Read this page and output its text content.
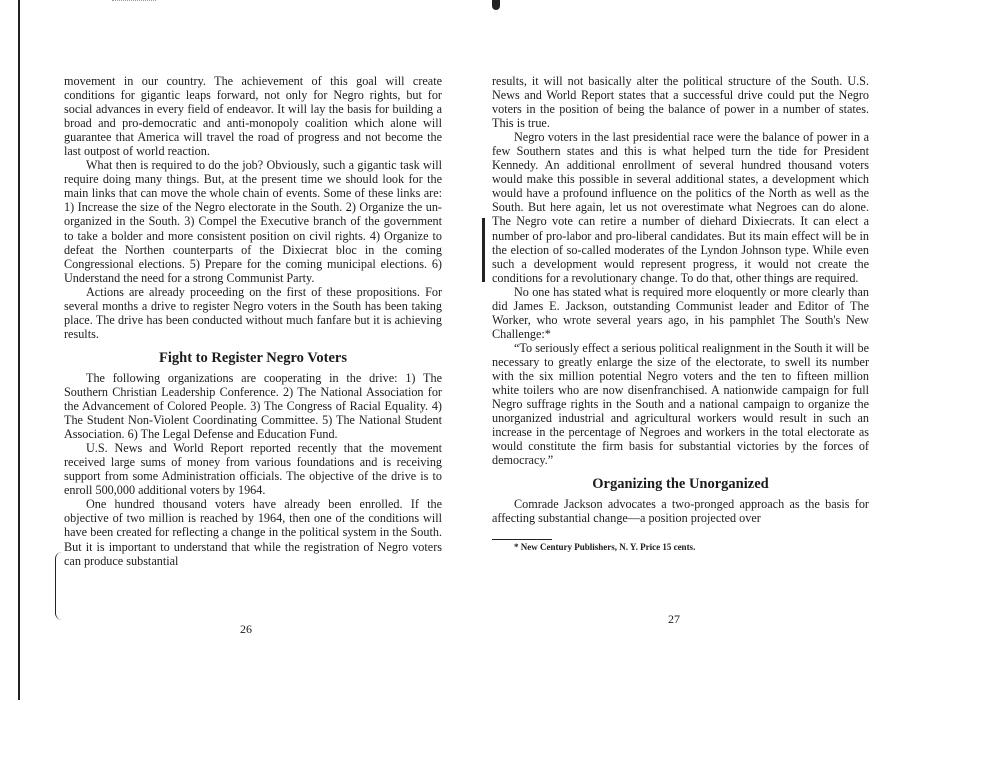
movement in our country. The achievement of this goal will create conditions for gigantic leaps forward, not only for Negro rights, but for social advances in every field of endeavor. It will lay the basis for building a broad and pro-democratic and anti-monopoly coalition which alone will guarantee that America will travel the road of progress and not become the last outpost of world reaction.

What then is required to do the job? Obviously, such a gigantic task will require doing many things. But, at the present time we should look for the main links that can move the whole chain of events. Some of these links are: 1) Increase the size of the Negro electorate in the South. 2) Organize the un-organized in the South. 3) Compel the Executive branch of the government to take a bolder and more consistent position on civil rights. 4) Organize to defeat the Northen counterparts of the Dixiecrat bloc in the coming Congressional elections. 5) Prepare for the coming municipal elections. 6) Understand the need for a strong Communist Party.

Actions are already proceeding on the first of these propositions. For several months a drive to register Negro voters in the South has been taking place. The drive has been conducted without much fanfare but it is achieving results.

Fight to Register Negro Voters

The following organizations are cooperating in the drive: 1) The Southern Christian Leadership Conference. 2) The National Association for the Advancement of Colored People. 3) The Congress of Racial Equality. 4) The Student Non-Violent Coordinating Committee. 5) The National Student Association. 6) The Legal Defense and Education Fund.

U.S. News and World Report reported recently that the movement received large sums of money from various foundations and is receiving support from some Administration officials. The objective of the drive is to enroll 500,000 additional voters by 1964.

One hundred thousand voters have already been enrolled. If the objective of two million is reached by 1964, then one of the conditions will have been created for reflecting a change in the political system in the South. But it is important to understand that while the registration of Negro voters can produce substantial

26

results, it will not basically alter the political structure of the South. U.S. News and World Report states that a successful drive could put the Negro voters in the position of being the balance of power in a number of states. This is true.

Negro voters in the last presidential race were the balance of power in a few Southern states and this is what helped turn the tide for President Kennedy. An additional enrollment of several hundred thousand voters would make this possible in several additional states, a development which would have a profound influence on the politics of the North as well as the South. But here again, let us not overestimate what Negroes can do alone. The Negro vote can retire a number of diehard Dixiecrats. It can elect a number of pro-labor and pro-liberal candidates. But its main effect will be in the election of so-called moderates of the Lyndon Johnson type. While even such a development would represent progress, it would not create the conditions for a revolutionary change. To do that, other things are required.

No one has stated what is required more eloquently or more clearly than did James E. Jackson, outstanding Communist leader and Editor of The Worker, who wrote several years ago, in his pamphlet The South's New Challenge:*

“To seriously effect a serious political realignment in the South it will be necessary to greatly enlarge the size of the electorate, to swell its number with the six million potential Negro voters and the ten to fifteen million white toilers who are now disenfranchised. A nationwide campaign for full Negro suffrage rights in the South and a national campaign to organize the unorganized industrial and agricultural workers would result in such an increase in the percentage of Negroes and workers in the total electorate as would constitute the firm basis for substantial victories by the forces of democracy.”

Organizing the Unorganized

Comrade Jackson advocates a two-pronged approach as the basis for affecting substantial change—a position projected over

* New Century Publishers, N. Y. Price 15 cents.

27
